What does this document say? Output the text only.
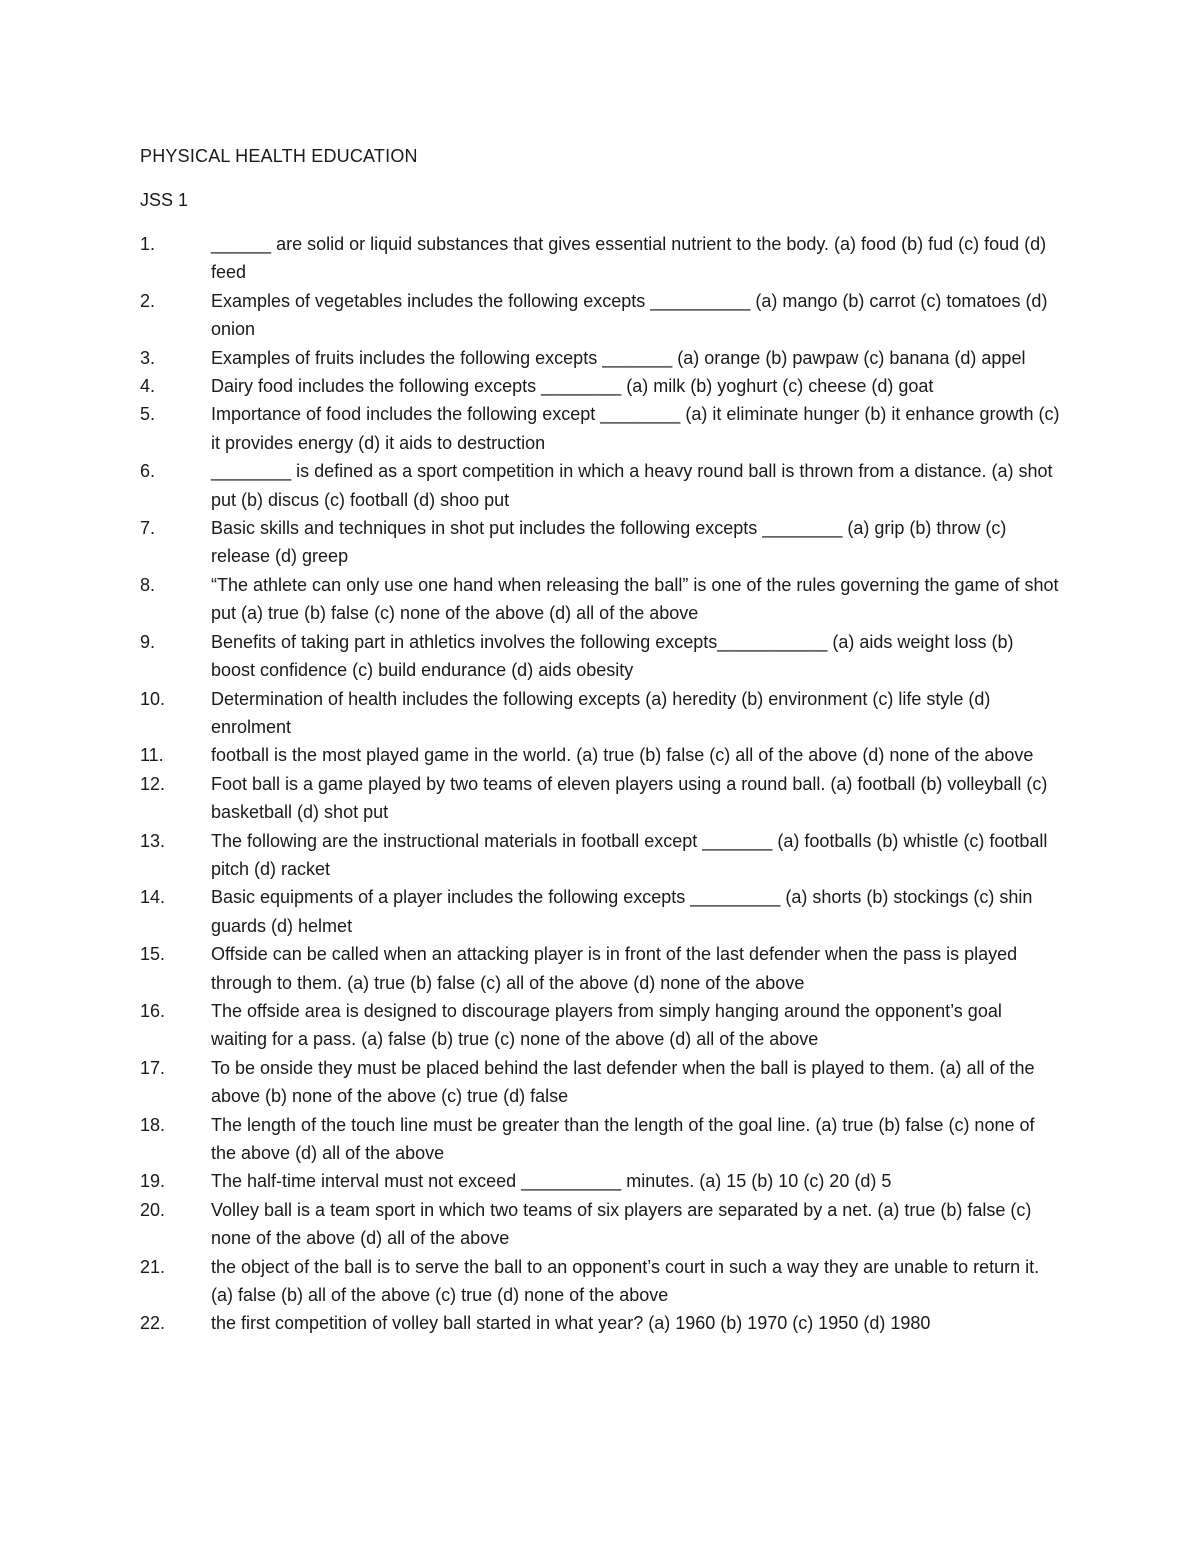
PHYSICAL HEALTH EDUCATION
JSS 1
1.	______ are solid or liquid substances that gives essential nutrient to the body. (a) food (b) fud (c) foud (d) feed
2.	Examples of vegetables includes the following excepts __________ (a) mango (b) carrot (c) tomatoes (d) onion
3.	Examples of fruits includes the following excepts _______ (a) orange (b) pawpaw (c) banana (d) appel
4.	Dairy food includes the following excepts ________ (a) milk (b) yoghurt (c) cheese (d) goat
5.	Importance of food includes the following except ________ (a) it eliminate hunger (b) it enhance growth (c) it provides energy (d) it aids to destruction
6.	________ is defined as a sport competition in which a heavy round ball is thrown from a distance. (a) shot put (b) discus (c) football (d) shoo put
7.	Basic skills and techniques in shot put includes the following excepts ________ (a) grip (b) throw (c) release (d) greep
8.	“The athlete can only use one hand when releasing the ball” is one of the rules governing the game of shot put (a) true (b) false (c) none of the above (d) all of the above
9.	Benefits of taking part in athletics involves the following excepts___________ (a) aids weight loss (b) boost confidence (c) build endurance (d) aids obesity
10.	Determination of health includes the following excepts (a) heredity (b) environment (c) life style (d) enrolment
11.	football is the most played game in the world. (a) true (b) false (c) all of the above (d) none of the above
12.	Foot ball is a game played by two teams of eleven players using a round ball. (a) football (b) volleyball (c) basketball (d) shot put
13.	The following are the instructional materials in football except _______ (a) footballs (b) whistle (c) football pitch (d) racket
14.	Basic equipments of a player includes the following excepts _________ (a) shorts (b) stockings (c) shin guards (d) helmet
15.	Offside can be called when an attacking player is in front of the last defender when the pass is played through to them. (a) true (b) false (c) all of the above (d) none of the above
16.	The offside area is designed to discourage players from simply hanging around the opponent’s goal waiting for a pass. (a) false (b) true (c) none of the above (d) all of the above
17.	To be onside they must be placed behind the last defender when the ball is played to them. (a) all of the above (b) none of the above (c) true (d) false
18.	The length of the touch line must be greater than the length of the goal line. (a) true (b) false (c) none of the above (d) all of the above
19.	The half-time interval must not exceed __________ minutes. (a) 15 (b) 10 (c) 20 (d) 5
20.	Volley ball is a team sport in which two teams of six players are separated by a net. (a) true (b) false (c) none of the above (d) all of the above
21.	the object of the ball is to serve the ball to an opponent’s court in such a way they are unable to return it. (a) false (b) all of the above (c) true (d) none of the above
22.	the first competition of volley ball started in what year? (a) 1960 (b) 1970 (c) 1950 (d) 1980
